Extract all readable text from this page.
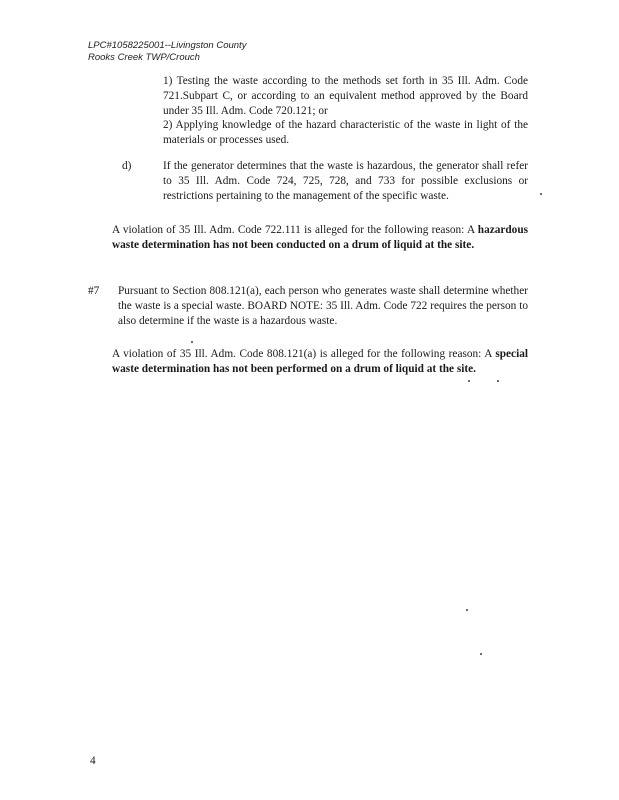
LPC#1058225001--Livingston County
Rooks Creek TWP/Crouch
1) Testing the waste according to the methods set forth in 35 Ill. Adm. Code 721.Subpart C, or according to an equivalent method approved by the Board under 35 Ill. Adm. Code 720.121; or
2) Applying knowledge of the hazard characteristic of the waste in light of the materials or processes used.
d)	If the generator determines that the waste is hazardous, the generator shall refer to 35 Ill. Adm. Code 724, 725, 728, and 733 for possible exclusions or restrictions pertaining to the management of the specific waste.
A violation of 35 Ill. Adm. Code 722.111 is alleged for the following reason: A hazardous waste determination has not been conducted on a drum of liquid at the site.
#7 Pursuant to Section 808.121(a), each person who generates waste shall determine whether the waste is a special waste. BOARD NOTE: 35 Ill. Adm. Code 722 requires the person to also determine if the waste is a hazardous waste.
A violation of 35 Ill. Adm. Code 808.121(a) is alleged for the following reason: A special waste determination has not been performed on a drum of liquid at the site.
4
